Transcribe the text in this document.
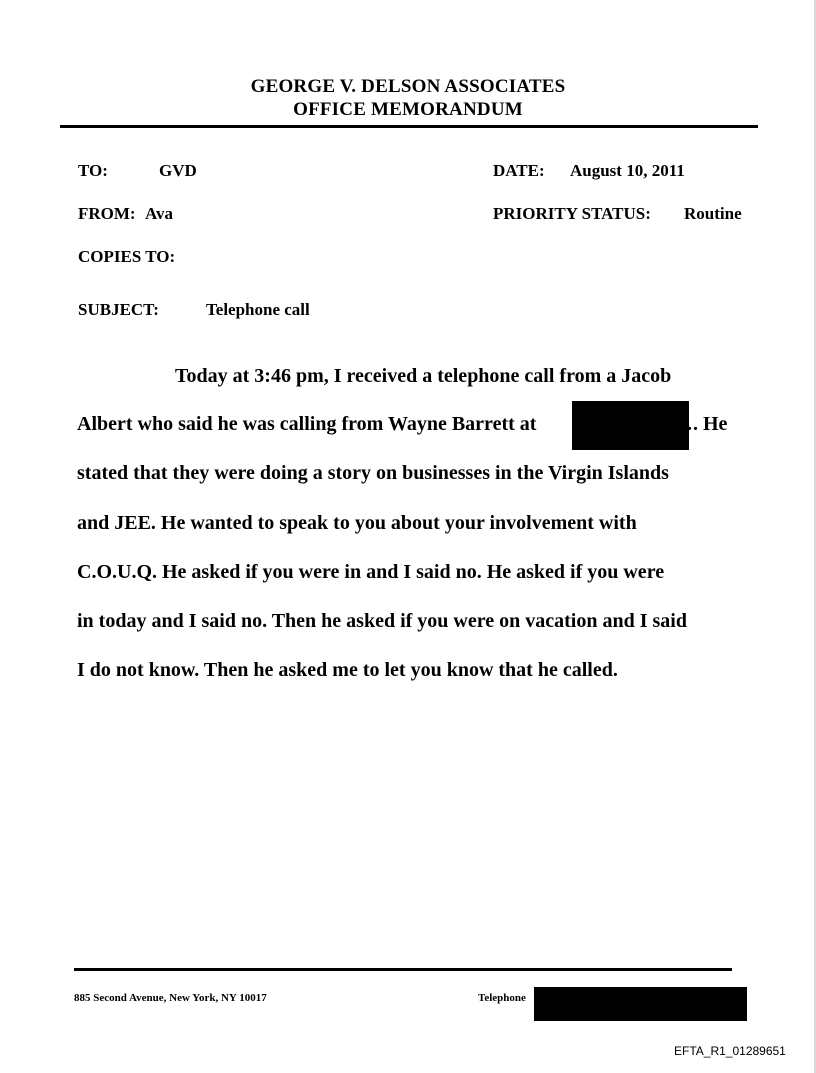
GEORGE V. DELSON ASSOCIATES
OFFICE MEMORANDUM
TO:	GVD
FROM: Ava
COPIES TO:
SUBJECT:	Telephone call
DATE: August 10, 2011
PRIORITY STATUS: Routine
Today at 3:46 pm, I received a telephone call from a Jacob
Albert who said he was calling from Wayne Barrett at	. . He
stated that they were doing a story on businesses in the Virgin Islands
and JEE. He wanted to speak to you about your involvement with
C.O.U.Q. He asked if you were in and I said no. He asked if you were
in today and I said no. Then he asked if you were on vacation and I said
I do not know. Then he asked me to let you know that he called.
885 Second Avenue, New York, NY 10017	Telephone
EFTA_R1_01289651
